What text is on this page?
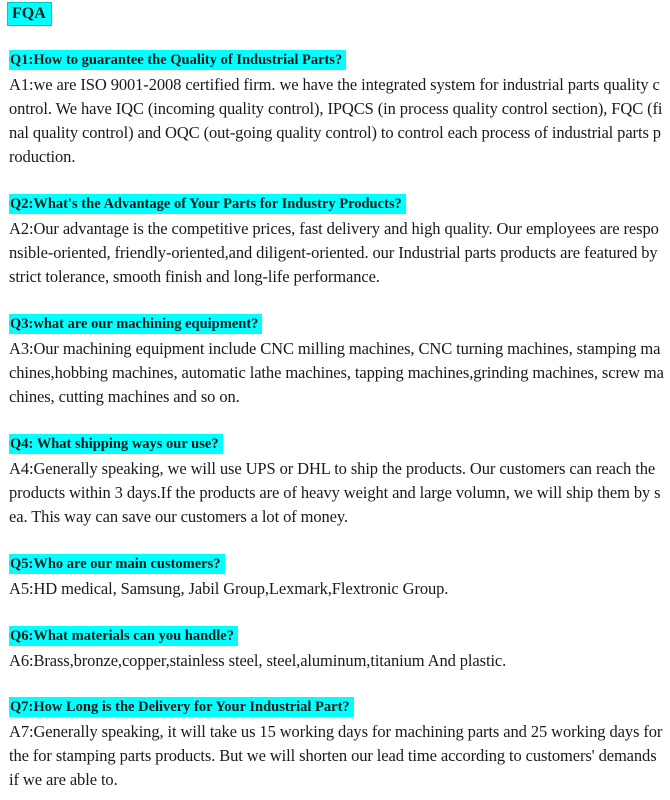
FQA
Q1:How to guarantee the Quality of Industrial Parts?
A1:we are ISO 9001-2008 certified firm. we have the integrated system for industrial parts quality control. We have IQC (incoming quality control), IPQCS (in process quality control section), FQC (final quality control) and OQC (out-going quality control) to control each process of industrial parts production.
Q2:What's the Advantage of Your Parts for Industry Products?
A2:Our advantage is the competitive prices, fast delivery and high quality. Our employees are responsible-oriented, friendly-oriented,and diligent-oriented. our Industrial parts products are featured by strict tolerance, smooth finish and long-life performance.
Q3:what are our machining equipment?
A3:Our machining equipment include CNC milling machines, CNC turning machines, stamping machines,hobbing machines, automatic lathe machines, tapping machines,grinding machines, screw machines, cutting machines and so on.
Q4: What shipping ways our use?
A4:Generally speaking, we will use UPS or DHL to ship the products. Our customers can reach the products within 3 days.If the products are of heavy weight and large volumn, we will ship them by sea. This way can save our customers a lot of money.
Q5:Who are our main customers?
A5:HD medical, Samsung, Jabil Group,Lexmark,Flextronic Group.
Q6:What materials can you handle?
A6:Brass,bronze,copper,stainless steel, steel,aluminum,titanium And plastic.
Q7:How Long is the Delivery for Your Industrial Part?
A7:Generally speaking, it will take us 15 working days for machining parts and 25 working days for the for stamping parts products. But we will shorten our lead time according to customers' demands if we are able to.
